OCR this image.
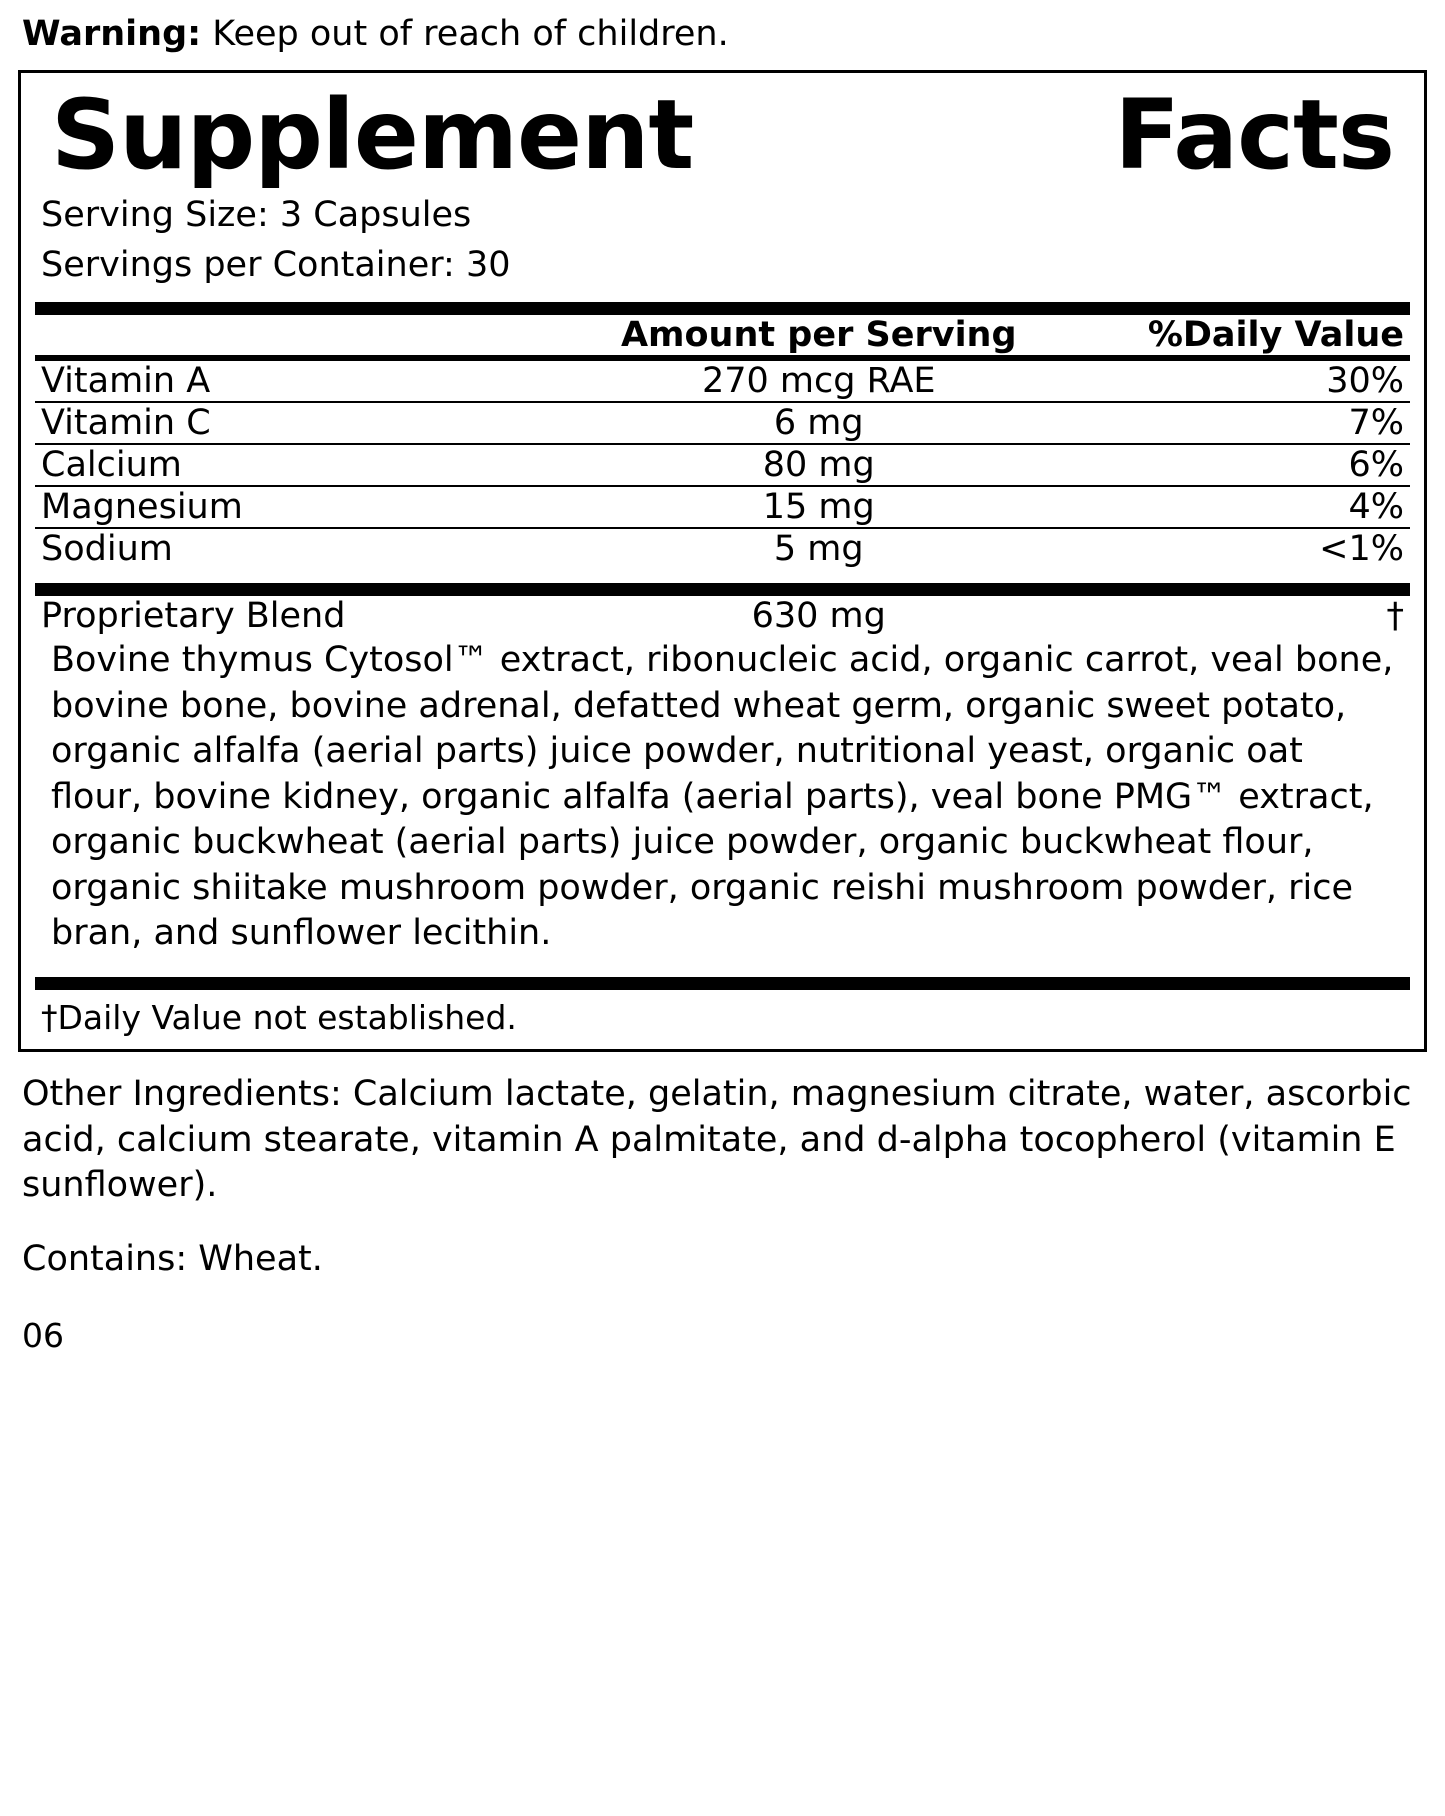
Warning: Keep out of reach of children.
Supplement	Facts
Serving Size: 3 Capsules
Servings per Container: 30
	Amount per Serving	%Daily Value
Vitamin A	270 mcg RAE	30%

Vitamin C	6 mg	7%

Calcium	80 mg	6%

Magnesium	15 mg	4%

Sodium	5 mg	<1%
Proprietary Blend	630 mg	†
Bovine thymus Cytosol™ extract, ribonucleic acid, organic carrot, veal bone, bovine bone, bovine adrenal, defatted wheat germ, organic sweet potato, organic alfalfa (aerial parts) juice powder, nutritional yeast, organic oat flour, bovine kidney, organic alfalfa (aerial parts), veal bone PMG™ extract, organic buckwheat (aerial parts) juice powder, organic buckwheat flour, organic shiitake mushroom powder, organic reishi mushroom powder, rice bran, and sunflower lecithin.
†Daily Value not established.
Other Ingredients: Calcium lactate, gelatin, magnesium citrate, water, ascorbic acid, calcium stearate, vitamin A palmitate, and d-alpha tocopherol (vitamin E sunflower).
Contains: Wheat.
06
